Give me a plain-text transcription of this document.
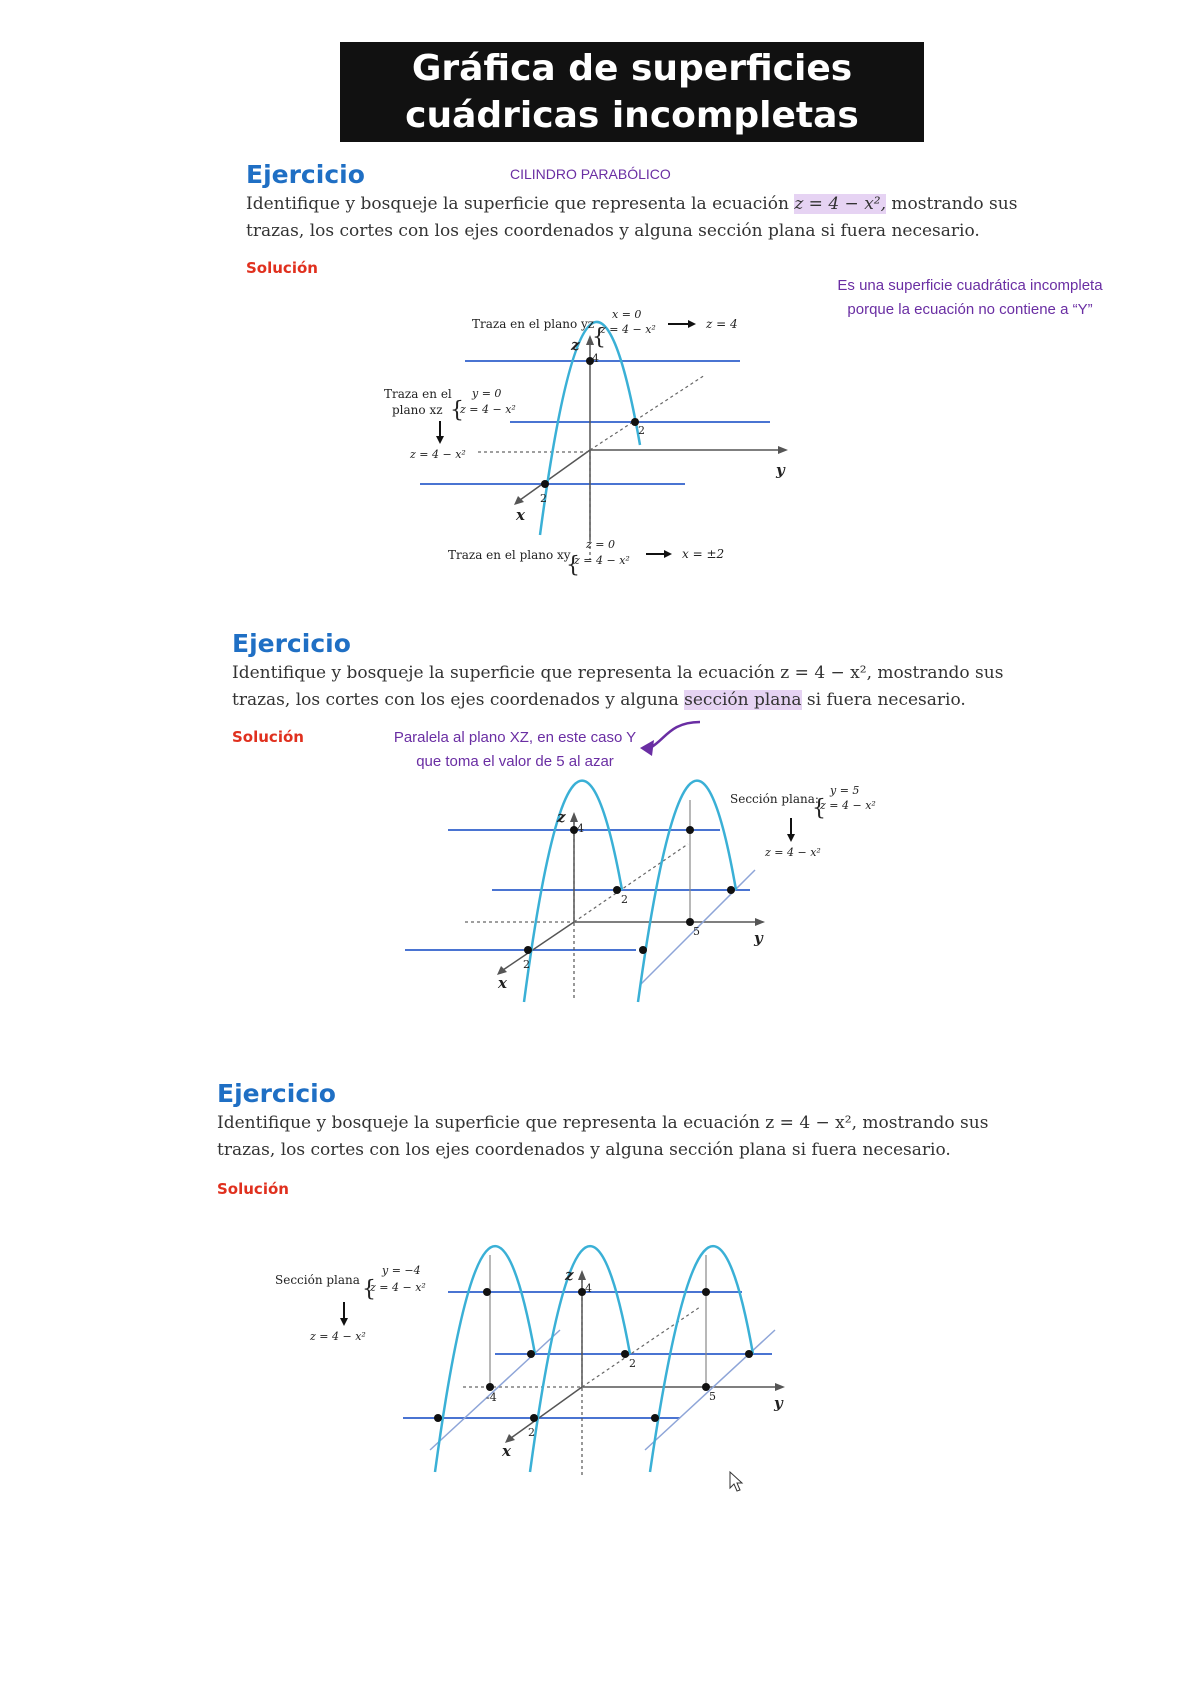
Gráfica de superficies
cuádricas incompletas
Ejercicio	CILINDRO PARABÓLICO
Identifique y bosqueje la superficie que representa la ecuación z = 4 − x², mostrando sus
trazas, los cortes con los ejes coordenados y alguna sección plana si fuera necesario.
Solución
Es una superficie cuadrática incompleta
porque la ecuación no contiene a “Y”
z
4
2
2
y
x
Traza en el plano yz
{
x = 0
z = 4 − x²	z = 4
Traza en el
plano xz {
y = 0
z = 4 − x²
z = 4 − x²
Traza en el plano xy
{
z = 0
z = 4 − x²	x = ±2
Ejercicio
Identifique y bosqueje la superficie que representa la ecuación z = 4 − x², mostrando sus
trazas, los cortes con los ejes coordenados y alguna sección plana si fuera necesario.
Solución	Paralela al plano XZ, en este caso Y
que toma el valor de 5 al azar
z
4
2
2
5	y
x
Sección plana:
{
y = 5
z = 4 − x²
z = 4 − x²
Ejercicio
Identifique y bosqueje la superficie que representa la ecuación z = 4 − x², mostrando sus
trazas, los cortes con los ejes coordenados y alguna sección plana si fuera necesario.
Solución
z
4
2
2
5
-4	y
x
Sección plana {
y = −4
z = 4 − x²
z = 4 − x²
